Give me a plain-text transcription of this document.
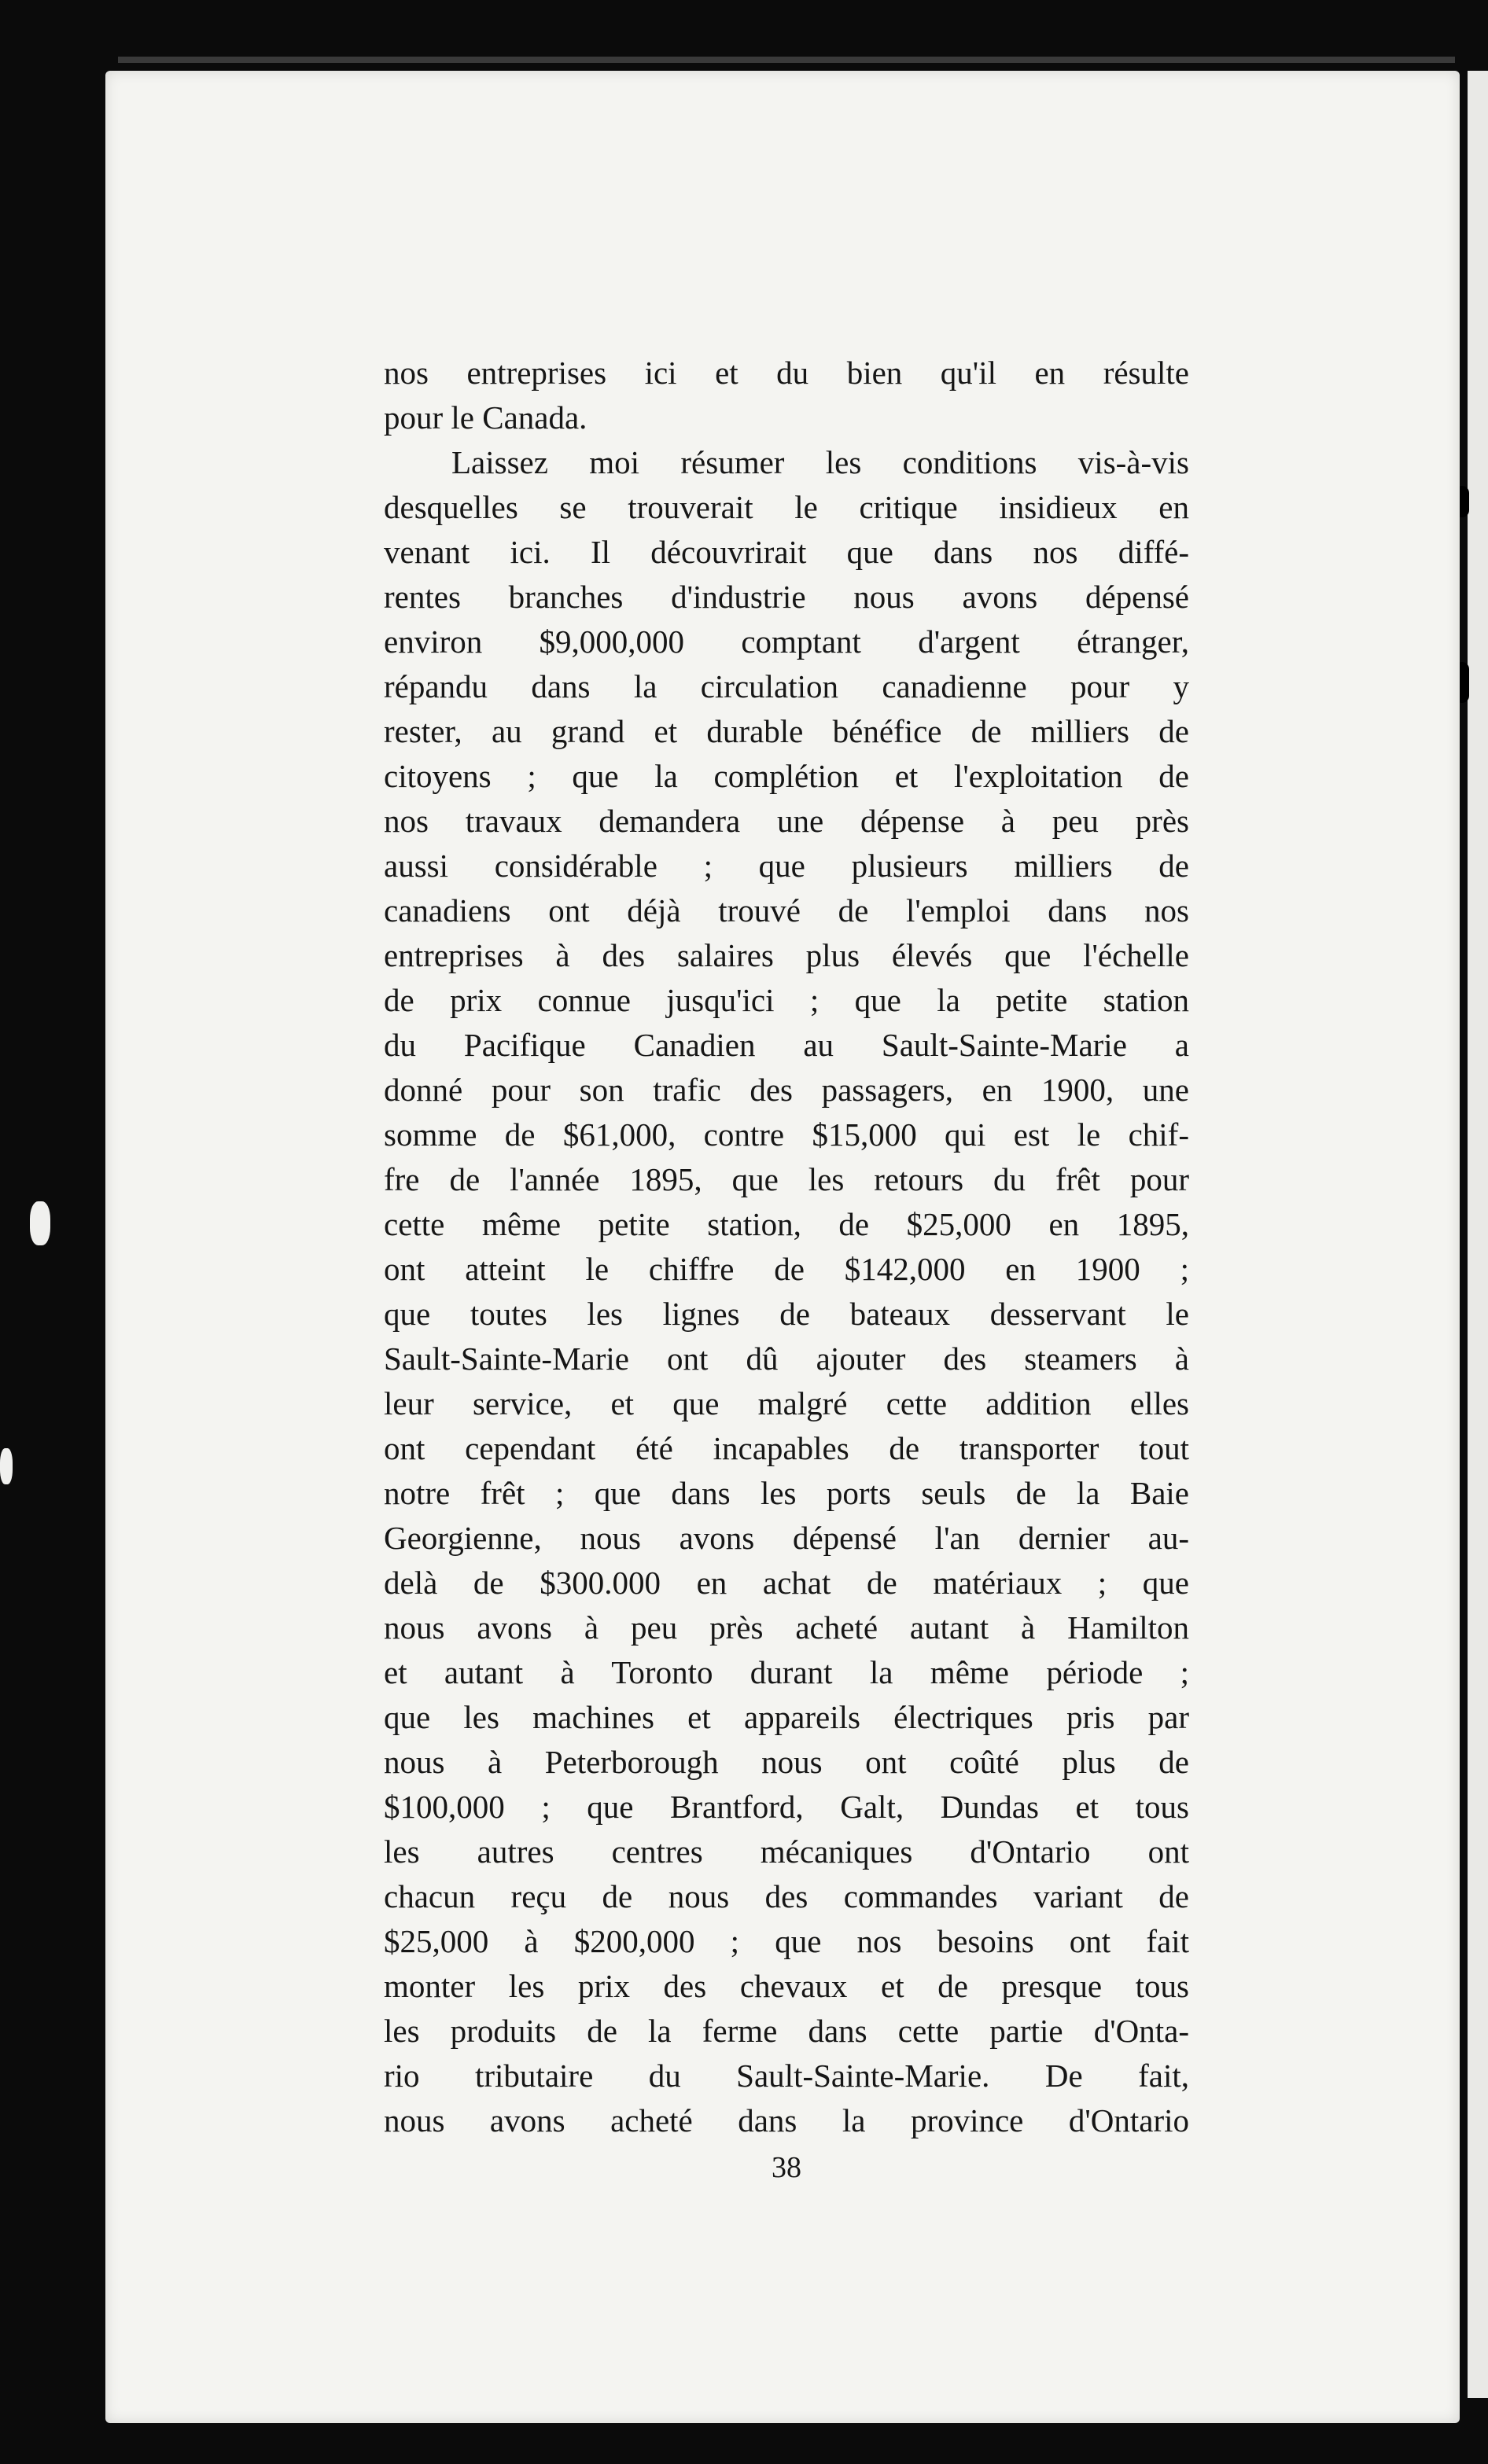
nos entreprises ici et du bien qu'il en résulte
pour le Canada.
Laissez moi résumer les conditions vis-à-vis
desquelles se trouverait le critique insidieux en
venant ici. Il découvrirait que dans nos diffé-
rentes branches d'industrie nous avons dépensé
environ $9,000,000 comptant d'argent étranger,
répandu dans la circulation canadienne pour y
rester, au grand et durable bénéfice de milliers de
citoyens ; que la complétion et l'exploitation de
nos travaux demandera une dépense à peu près
aussi considérable ; que plusieurs milliers de
canadiens ont déjà trouvé de l'emploi dans nos
entreprises à des salaires plus élevés que l'échelle
de prix connue jusqu'ici ; que la petite station
du Pacifique Canadien au Sault-Sainte-Marie a
donné pour son trafic des passagers, en 1900, une
somme de $61,000, contre $15,000 qui est le chif-
fre de l'année 1895, que les retours du frêt pour
cette même petite station, de $25,000 en 1895,
ont atteint le chiffre de $142,000 en 1900 ;
que toutes les lignes de bateaux desservant le
Sault-Sainte-Marie ont dû ajouter des steamers à
leur service, et que malgré cette addition elles
ont cependant été incapables de transporter tout
notre frêt ; que dans les ports seuls de la Baie
Georgienne, nous avons dépensé l'an dernier au-
delà de $300.000 en achat de matériaux ; que
nous avons à peu près acheté autant à Hamilton
et autant à Toronto durant la même période ;
que les machines et appareils électriques pris par
nous à Peterborough nous ont coûté plus de
$100,000 ; que Brantford, Galt, Dundas et tous
les autres centres mécaniques d'Ontario ont
chacun reçu de nous des commandes variant de
$25,000 à $200,000 ; que nos besoins ont fait
monter les prix des chevaux et de presque tous
les produits de la ferme dans cette partie d'Onta-
rio tributaire du Sault-Sainte-Marie. De fait,
nous avons acheté dans la province d'Ontario
38
